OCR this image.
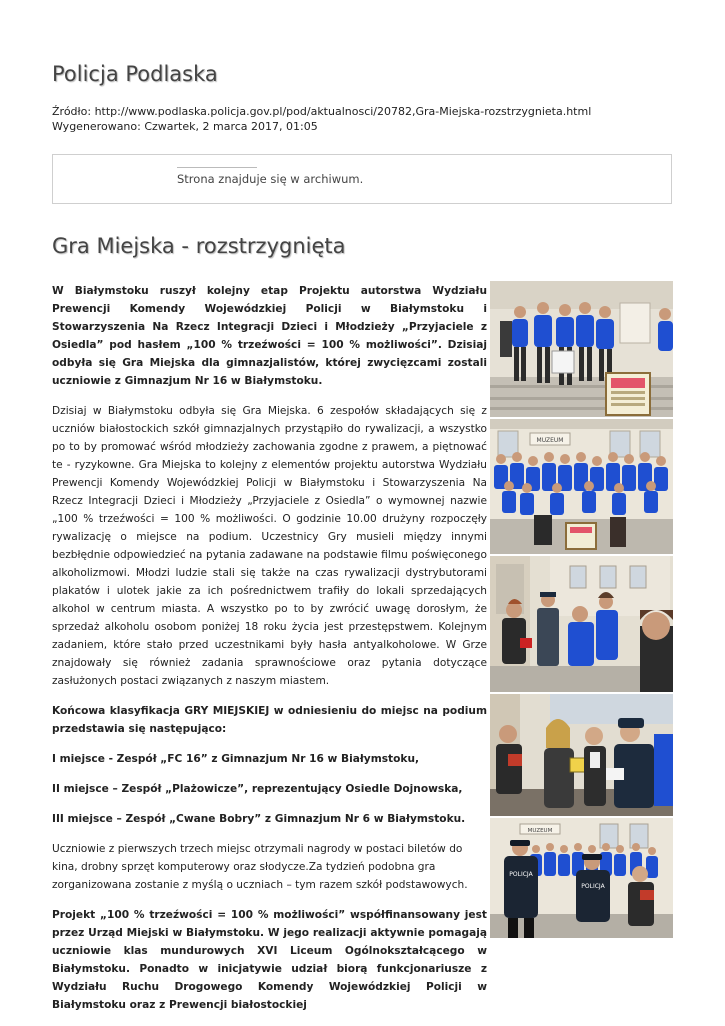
Policja Podlaska
Źródło: http://www.podlaska.policja.gov.pl/pod/aktualnosci/20782,Gra-Miejska-rozstrzygnieta.html
Wygenerowano: Czwartek, 2 marca 2017, 01:05
Strona znajduje się w archiwum.
Gra Miejska - rozstrzygnięta

W Białymstoku ruszył kolejny etap Projektu autorstwa Wydziału Prewencji Komendy Wojewódzkiej Policji w Białymstoku i Stowarzyszenia Na Rzecz Integracji Dzieci i Młodzieży „Przyjaciele z Osiedla” pod hasłem „100 % trzeźwości = 100 % możliwości”. Dzisiaj odbyła się Gra Miejska dla gimnazjalistów, której zwycięzcami zostali uczniowie z Gimnazjum Nr 16 w Białymstoku.

Dzisiaj w Białymstoku odbyła się Gra Miejska. 6 zespołów składających się z uczniów białostockich szkół gimnazjalnych przystąpiło do rywalizacji, a wszystko po to by promować wśród młodzieży zachowania zgodne z prawem, a piętnować te - ryzykowne. Gra Miejska to kolejny z elementów projektu autorstwa Wydziału Prewencji Komendy Wojewódzkiej Policji w Białymstoku i Stowarzyszenia Na Rzecz Integracji Dzieci i Młodzieży „Przyjaciele z Osiedla” o wymownej nazwie „100 % trzeźwości = 100 % możliwości. O godzinie 10.00 drużyny rozpoczęły rywalizację o miejsce na podium. Uczestnicy Gry musieli między innymi bezbłędnie odpowiedzieć na pytania zadawane na podstawie filmu poświęconego alkoholizmowi. Młodzi ludzie stali się także na czas rywalizacji dystrybutorami plakatów i ulotek jakie za ich pośrednictwem trafiły do lokali sprzedających alkohol w centrum miasta. A wszystko po to by zwrócić uwagę dorosłym, że sprzedaż alkoholu osobom poniżej 18 roku życia jest przestępstwem. Kolejnym zadaniem, które stało przed uczestnikami były hasła antyalkoholowe. W Grze znajdowały się również zadania sprawnościowe oraz pytania dotyczące zasłużonych postaci związanych z naszym miastem.

Końcowa klasyfikacja GRY MIEJSKIEJ w odniesieniu do miejsc na podium przedstawia się następująco:

I miejsce - Zespół „FC 16” z Gimnazjum Nr 16 w Białymstoku,

II miejsce – Zespół „Plażowicze”, reprezentujący Osiedle Dojnowska,

III miejsce – Zespół „Cwane Bobry” z Gimnazjum Nr 6 w Białymstoku.

Uczniowie z pierwszych trzech miejsc otrzymali nagrody w postaci biletów do kina, drobny sprzęt komputerowy oraz słodycze.Za tydzień podobna gra zorganizowana zostanie z myślą o uczniach – tym razem szkół podstawowych.

Projekt „100 % trzeźwości = 100 % możliwości” współfinansowany jest przez Urząd Miejski w Białymstoku. W jego realizacji aktywnie pomagają uczniowie klas mundurowych XVI Liceum Ogólnokształcącego w Białymstoku. Ponadto w inicjatywie udział biorą funkcjonariusze z Wydziału Ruchu Drogowego Komendy Wojewódzkiej Policji w Białymstoku oraz z Prewencji białostockiej

MUZEUM
MUZEUM
POLICJA
POLICJA
